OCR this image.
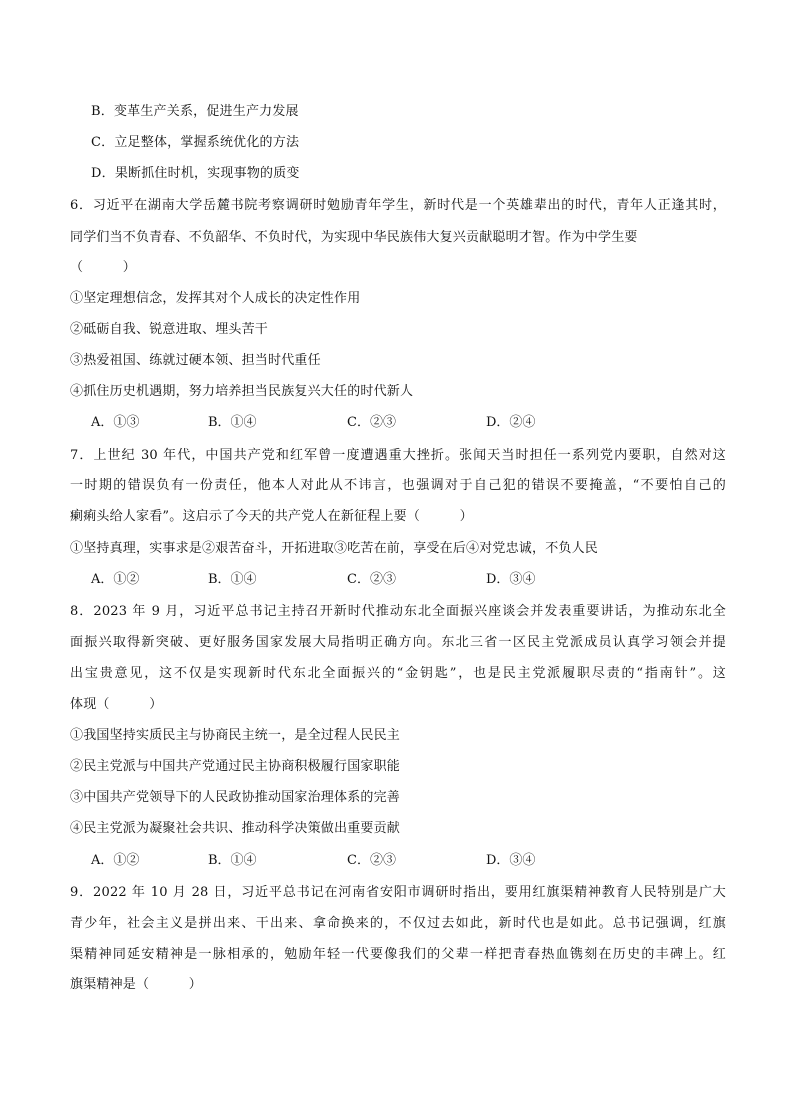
B．变革生产关系，促进生产力发展
C．立足整体，掌握系统优化的方法
D．果断抓住时机，实现事物的质变
6．习近平在湖南大学岳麓书院考察调研时勉励青年学生，新时代是一个英雄辈出的时代，青年人正逢其时，
同学们当不负青春、不负韶华、不负时代，为实现中华民族伟大复兴贡献聪明才智。作为中学生要
（　　　）
①坚定理想信念，发挥其对个人成长的决定性作用
②砥砺自我、锐意进取、埋头苦干
③热爱祖国、练就过硬本领、担当时代重任
④抓住历史机遇期，努力培养担当民族复兴大任的时代新人
A．①③	B．①④	C．②③	D．②④
7．上世纪 30 年代，中国共产党和红军曾一度遭遇重大挫折。张闻天当时担任一系列党内要职，自然对这
一时期的错误负有一份责任，他本人对此从不讳言，也强调对于自己犯的错误不要掩盖，“不要怕自己的
瘌痢头给人家看”。这启示了今天的共产党人在新征程上要（　　　）
①坚持真理，实事求是②艰苦奋斗，开拓进取③吃苦在前，享受在后④对党忠诚，不负人民
A．①②	B．①④	C．②③	D．③④
8．2023 年 9 月，习近平总书记主持召开新时代推动东北全面振兴座谈会并发表重要讲话，为推动东北全
面振兴取得新突破、更好服务国家发展大局指明正确方向。东北三省一区民主党派成员认真学习领会并提
出宝贵意见，这不仅是实现新时代东北全面振兴的“金钥匙”，也是民主党派履职尽责的“指南针”。这
体现（　　　）
①我国坚持实质民主与协商民主统一，是全过程人民民主
②民主党派与中国共产党通过民主协商积极履行国家职能
③中国共产党领导下的人民政协推动国家治理体系的完善
④民主党派为凝聚社会共识、推动科学决策做出重要贡献
A．①②	B．①④	C．②③	D．③④
9．2022 年 10 月 28 日，习近平总书记在河南省安阳市调研时指出，要用红旗渠精神教育人民特别是广大
青少年，社会主义是拼出来、干出来、拿命换来的，不仅过去如此，新时代也是如此。总书记强调，红旗
渠精神同延安精神是一脉相承的，勉励年轻一代要像我们的父辈一样把青春热血镌刻在历史的丰碑上。红
旗渠精神是（　　　）
